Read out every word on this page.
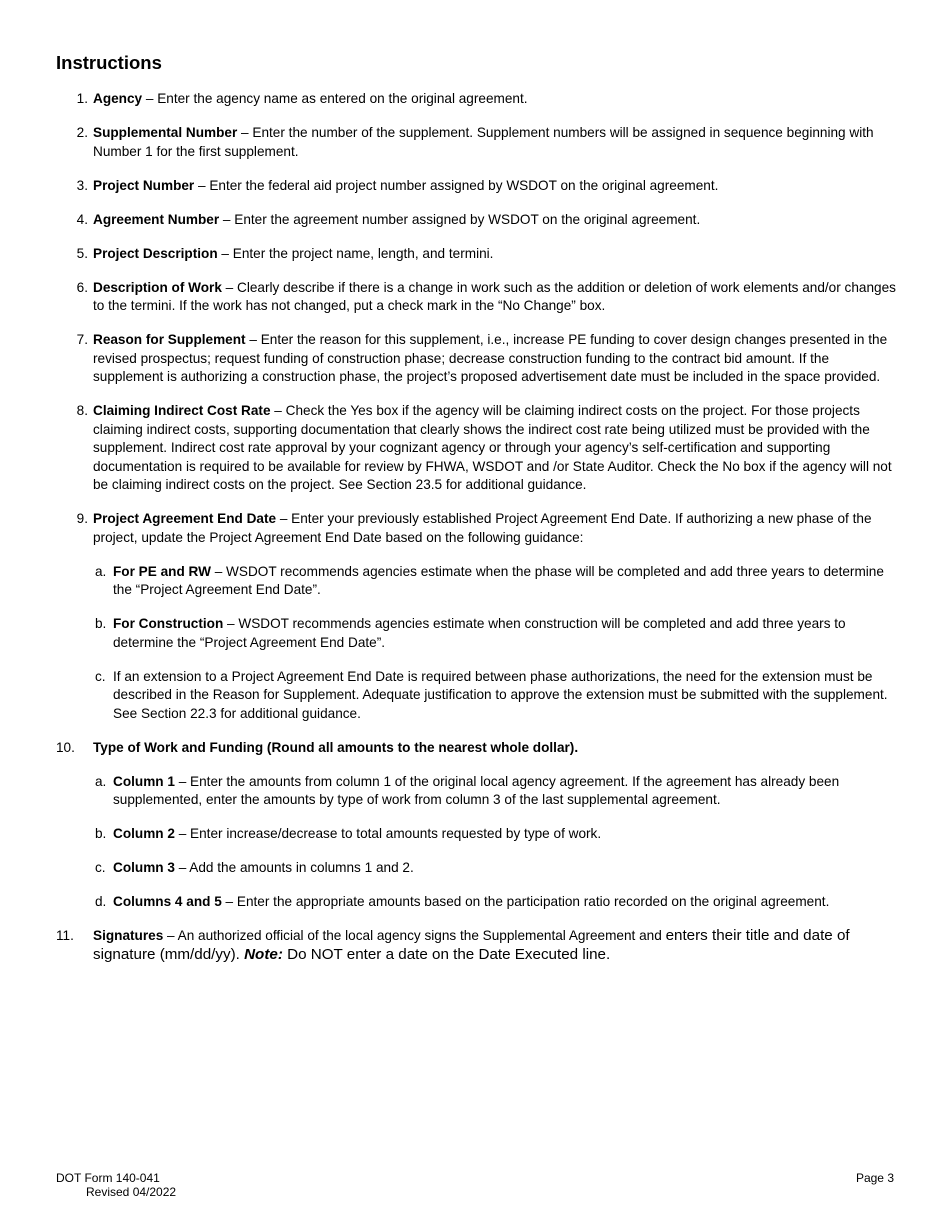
Instructions
1. Agency – Enter the agency name as entered on the original agreement.
2. Supplemental Number – Enter the number of the supplement. Supplement numbers will be assigned in sequence beginning with Number 1 for the first supplement.
3. Project Number – Enter the federal aid project number assigned by WSDOT on the original agreement.
4. Agreement Number – Enter the agreement number assigned by WSDOT on the original agreement.
5. Project Description – Enter the project name, length, and termini.
6. Description of Work – Clearly describe if there is a change in work such as the addition or deletion of work elements and/or changes to the termini. If the work has not changed, put a check mark in the “No Change” box.
7. Reason for Supplement – Enter the reason for this supplement, i.e., increase PE funding to cover design changes presented in the revised prospectus; request funding of construction phase; decrease construction funding to the contract bid amount. If the supplement is authorizing a construction phase, the project’s proposed advertisement date must be included in the space provided.
8. Claiming Indirect Cost Rate – Check the Yes box if the agency will be claiming indirect costs on the project. For those projects claiming indirect costs, supporting documentation that clearly shows the indirect cost rate being utilized must be provided with the supplement. Indirect cost rate approval by your cognizant agency or through your agency’s self-certification and supporting documentation is required to be available for review by FHWA, WSDOT and /or State Auditor. Check the No box if the agency will not be claiming indirect costs on the project. See Section 23.5 for additional guidance.
9. Project Agreement End Date – Enter your previously established Project Agreement End Date. If authorizing a new phase of the project, update the Project Agreement End Date based on the following guidance:
a. For PE and RW – WSDOT recommends agencies estimate when the phase will be completed and add three years to determine the “Project Agreement End Date”.
b. For Construction – WSDOT recommends agencies estimate when construction will be completed and add three years to determine the “Project Agreement End Date”.
c. If an extension to a Project Agreement End Date is required between phase authorizations, the need for the extension must be described in the Reason for Supplement. Adequate justification to approve the extension must be submitted with the supplement. See Section 22.3 for additional guidance.
10. Type of Work and Funding (Round all amounts to the nearest whole dollar).
a. Column 1 – Enter the amounts from column 1 of the original local agency agreement. If the agreement has already been supplemented, enter the amounts by type of work from column 3 of the last supplemental agreement.
b. Column 2 – Enter increase/decrease to total amounts requested by type of work.
c. Column 3 – Add the amounts in columns 1 and 2.
d. Columns 4 and 5 – Enter the appropriate amounts based on the participation ratio recorded on the original agreement.
11. Signatures – An authorized official of the local agency signs the Supplemental Agreement and enters their title and date of signature (mm/dd/yy). Note: Do NOT enter a date on the Date Executed line.
DOT Form 140-041
Revised 04/2022
Page 3
